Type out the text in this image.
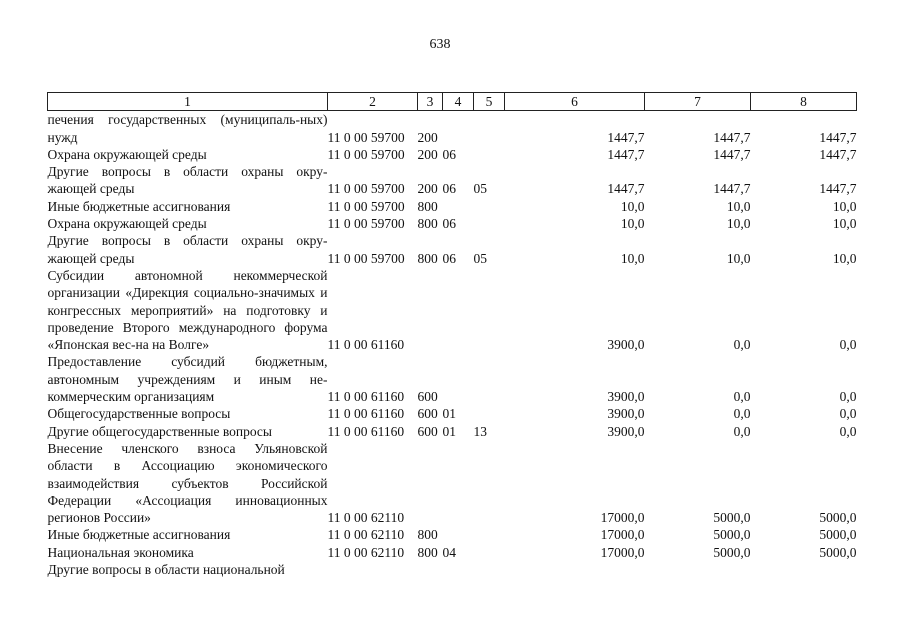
638
1	2	3	4	5	6	7	8
печения государственных (муниципаль-ных) нужд	11 0 00 59700	200			1447,7	1447,7	1447,7
Охрана окружающей среды	11 0 00 59700	200	06		1447,7	1447,7	1447,7
Другие вопросы в области охраны окру-жающей среды	11 0 00 59700	200	06	05	1447,7	1447,7	1447,7
Иные бюджетные ассигнования	11 0 00 59700	800			10,0	10,0	10,0
Охрана окружающей среды	11 0 00 59700	800	06		10,0	10,0	10,0
Другие вопросы в области охраны окру-жающей среды	11 0 00 59700	800	06	05	10,0	10,0	10,0
Субсидии автономной некоммерческой организации «Дирекция социально-значимых и конгрессных мероприятий» на подготовку и проведение Второго международного форума «Японская вес-на на Волге»	11 0 00 61160				3900,0	0,0	0,0
Предоставление субсидий бюджетным, автономным учреждениям и иным не-коммерческим организациям	11 0 00 61160	600			3900,0	0,0	0,0
Общегосударственные вопросы	11 0 00 61160	600	01		3900,0	0,0	0,0
Другие общегосударственные вопросы	11 0 00 61160	600	01	13	3900,0	0,0	0,0
Внесение членского взноса Ульяновской области в Ассоциацию экономического взаимодействия субъектов Российской Федерации «Ассоциация инновационных регионов России»	11 0 00 62110				17000,0	5000,0	5000,0
Иные бюджетные ассигнования	11 0 00 62110	800			17000,0	5000,0	5000,0
Национальная экономика	11 0 00 62110	800	04		17000,0	5000,0	5000,0
Другие вопросы в области национальной							
